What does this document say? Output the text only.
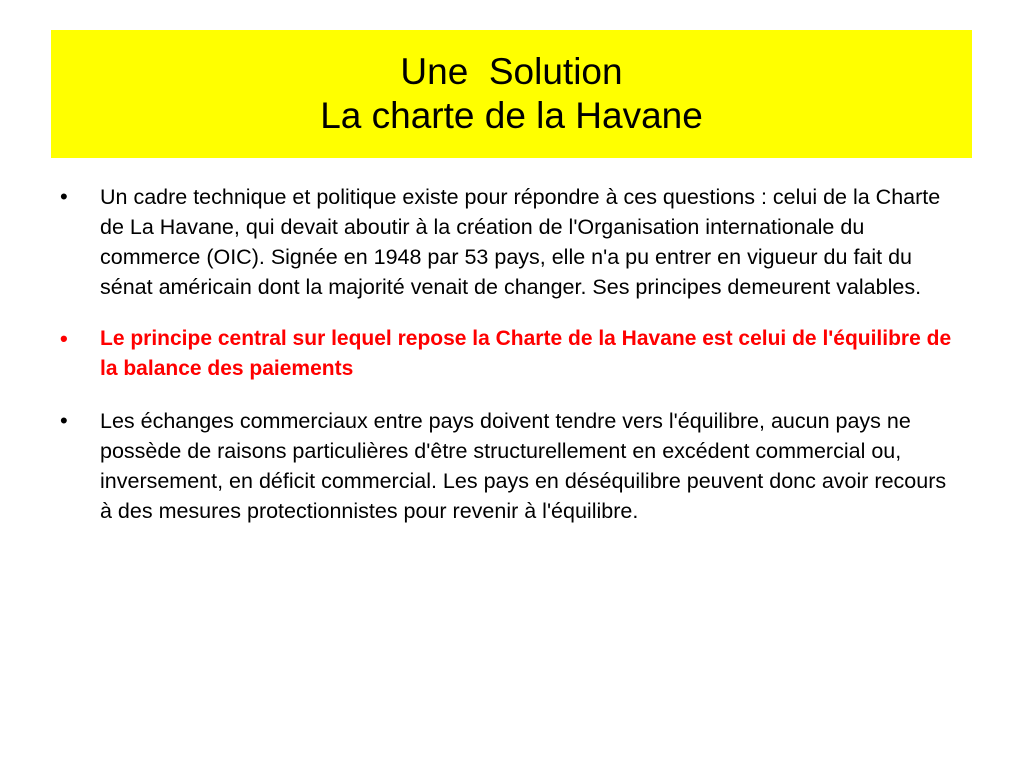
Une  Solution
La charte de la Havane
• Un cadre technique et politique existe pour répondre à ces questions : celui de la Charte de La Havane, qui devait aboutir à la création de l'Organisation internationale du commerce (OIC). Signée en 1948 par 53 pays, elle n'a pu entrer en vigueur du fait du sénat américain dont la majorité venait de changer. Ses principes demeurent valables.
• Le principe central sur lequel repose la Charte de la Havane est celui de l'équilibre de la balance des paiements
• Les échanges commerciaux entre pays doivent tendre vers l'équilibre, aucun pays ne possède de raisons particulières d'être structurellement en excédent commercial ou, inversement, en déficit commercial. Les pays en déséquilibre peuvent donc avoir recours à des mesures protectionnistes pour revenir à l'équilibre.
